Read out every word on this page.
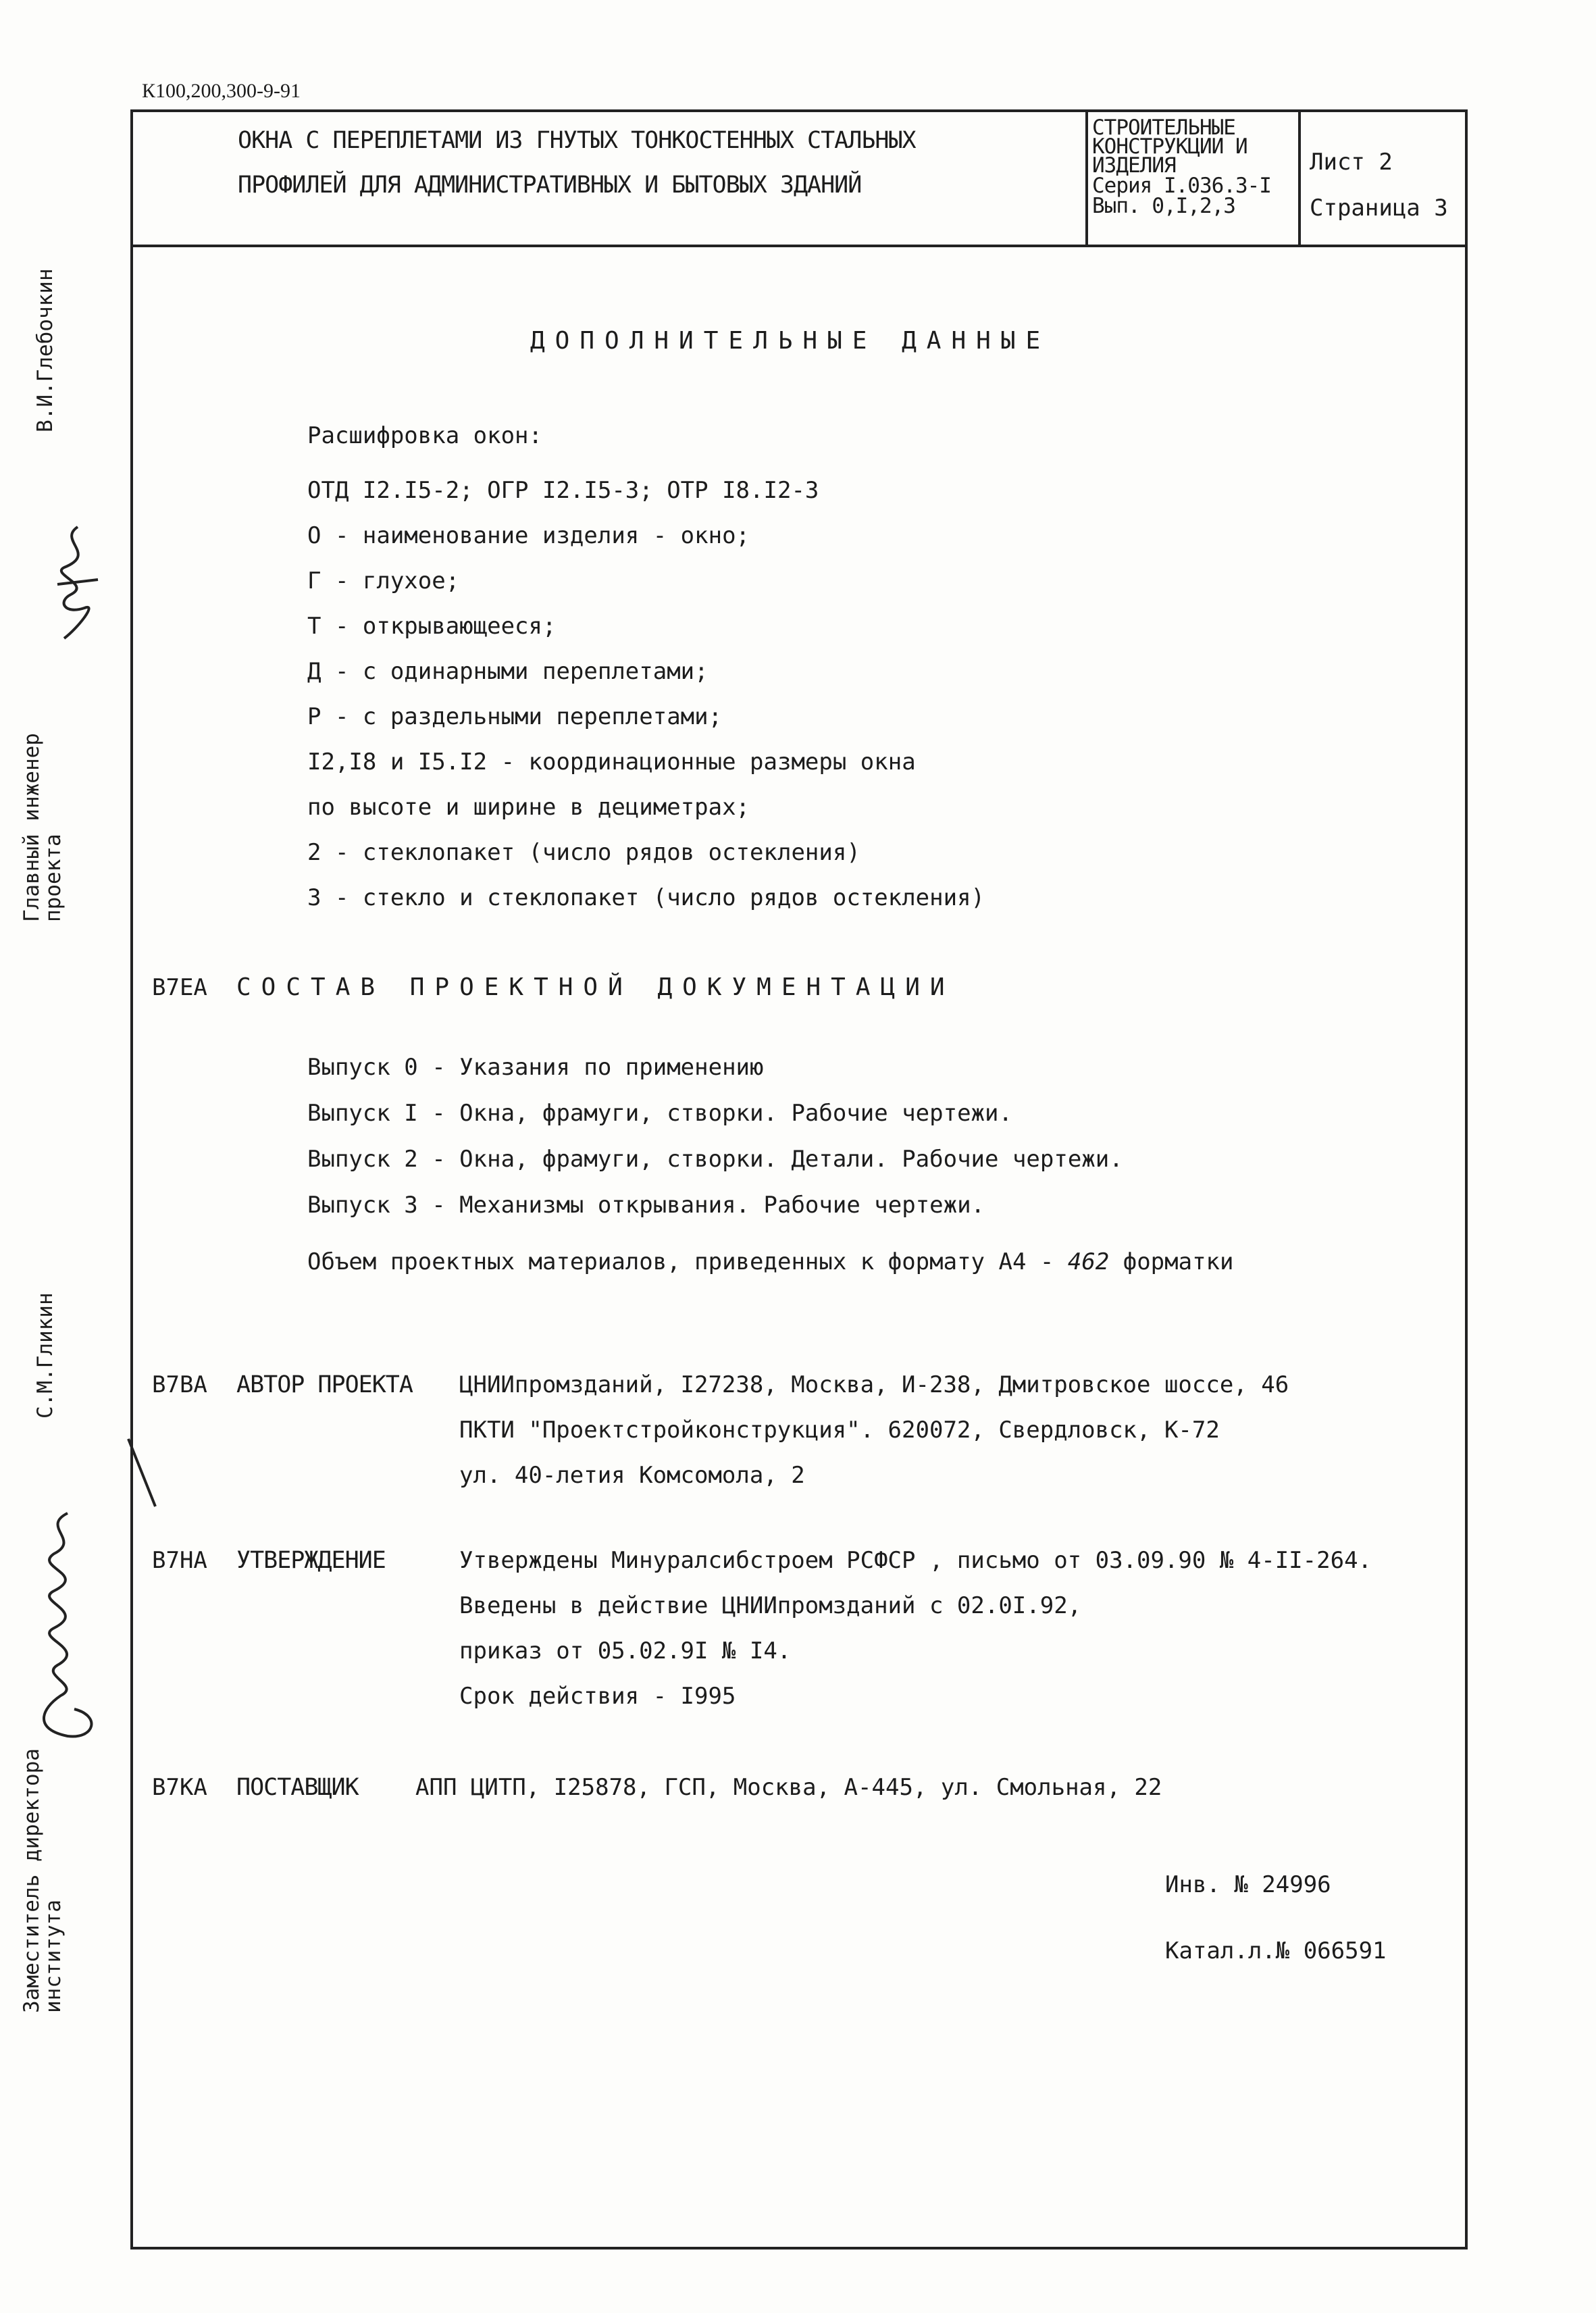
К100,200,300-9-91
ОКНА С ПЕРЕПЛЕТАМИ ИЗ ГНУТЫХ ТОНКОСТЕННЫХ СТАЛЬНЫХ
ПРОФИЛЕЙ ДЛЯ АДМИНИСТРАТИВНЫХ И БЫТОВЫХ ЗДАНИЙ
СТРОИТЕЛЬНЫЕ
КОНСТРУКЦИИ И
ИЗДЕЛИЯ
Серия I.036.3-I
Вып. 0,I,2,3
Лист 2
Страница 3
ДОПОЛНИТЕЛЬНЫЕ ДАННЫЕ
Расшифровка окон:
ОТД I2.I5-2; ОГР I2.I5-3; ОТР I8.I2-3
О - наименование изделия - окно;
Г - глухое;
Т - открывающееся;
Д - с одинарными переплетами;
Р - с раздельными переплетами;
I2,I8 и I5.I2 - координационные размеры окна
по высоте и ширине в дециметрах;
2 - стеклопакет (число рядов остекления)
3 - стекло и стеклопакет (число рядов остекления)
В7ЕА СОСТАВ ПРОЕКТНОЙ ДОКУМЕНТАЦИИ
Выпуск 0 - Указания по применению
Выпуск I - Окна, фрамуги, створки. Рабочие чертежи.
Выпуск 2 - Окна, фрамуги, створки. Детали. Рабочие чертежи.
Выпуск 3 - Механизмы открывания. Рабочие чертежи.
Объем проектных материалов, приведенных к формату А4 - 462 форматки
В7ВА АВТОР ПРОЕКТА ЦНИИпромзданий, I27238, Москва, И-238, Дмитровское шоссе, 46
ПКТИ "Проектстройконструкция". 620072, Свердловск, К-72
ул. 40-летия Комсомола, 2
В7НА УТВЕРЖДЕНИЕ	Утверждены Минуралсибстроем РСФСР , письмо от 03.09.90 № 4-II-264.
Введены в действие ЦНИИпромзданий с 02.0I.92,
приказ от 05.02.9I № I4.
Срок действия - I995
В7КА ПОСТАВЩИК АПП ЦИТП, I25878, ГСП, Москва, А-445, ул. Смольная, 22
Инв. № 24996
Катал.л.№ 066591
В.И.Глебочкин
Главный инженер
проекта
С.М.Гликин
Заместитель директора
института
